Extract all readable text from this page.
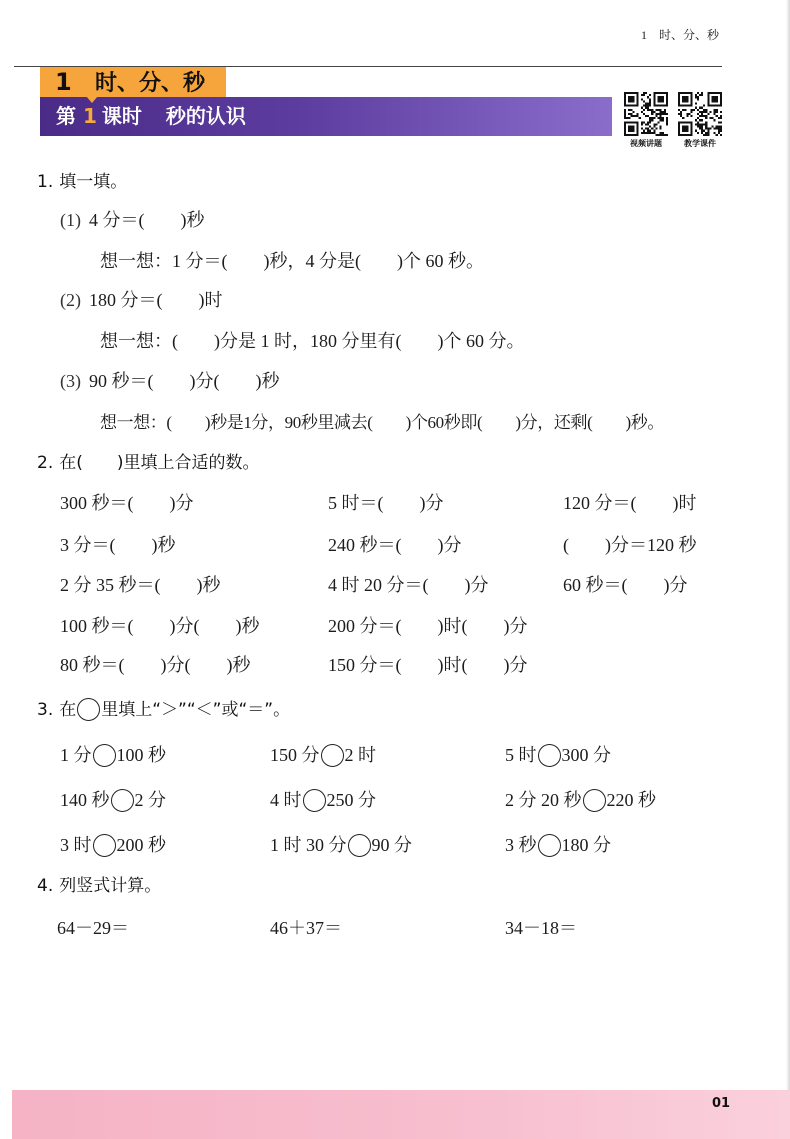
1 时、分、秒
1 时、分、秒
第 1 课时 秒的认识
视频讲题	教学课件
1. 填一填。
(1) 4 分＝(　　)秒
想一想：1 分＝(　　)秒，4 分是(　　)个 60 秒。
(2) 180 分＝(　　)时
想一想：(　　)分是 1 时，180 分里有(　　)个 60 分。
(3) 90 秒＝(　　)分(　　)秒
想一想：(　　)秒是1分，90秒里减去(　　)个60秒即(　　)分，还剩(　　)秒。
2. 在(　　)里填上合适的数。
300 秒＝(　　)分	5 时＝(　　)分	120 分＝(　　)时
3 分＝(　　)秒	240 秒＝(　　)分	(　　)分＝120 秒
2 分 35 秒＝(　　)秒	4 时 20 分＝(　　)分	60 秒＝(　　)分
100 秒＝(　　)分(　　)秒	200 分＝(　　)时(　　)分
80 秒＝(　　)分(　　)秒	150 分＝(　　)时(　　)分
3. 在 里填上“＞”“＜”或“＝”。
1 分 100 秒	150 分 2 时	5 时 300 分
140 秒 2 分	4 时 250 分	2 分 20 秒 220 秒
3 时 200 秒	1 时 30 分 90 分	3 秒 180 分
4. 列竖式计算。
64－29＝	46＋37＝	34－18＝
01
